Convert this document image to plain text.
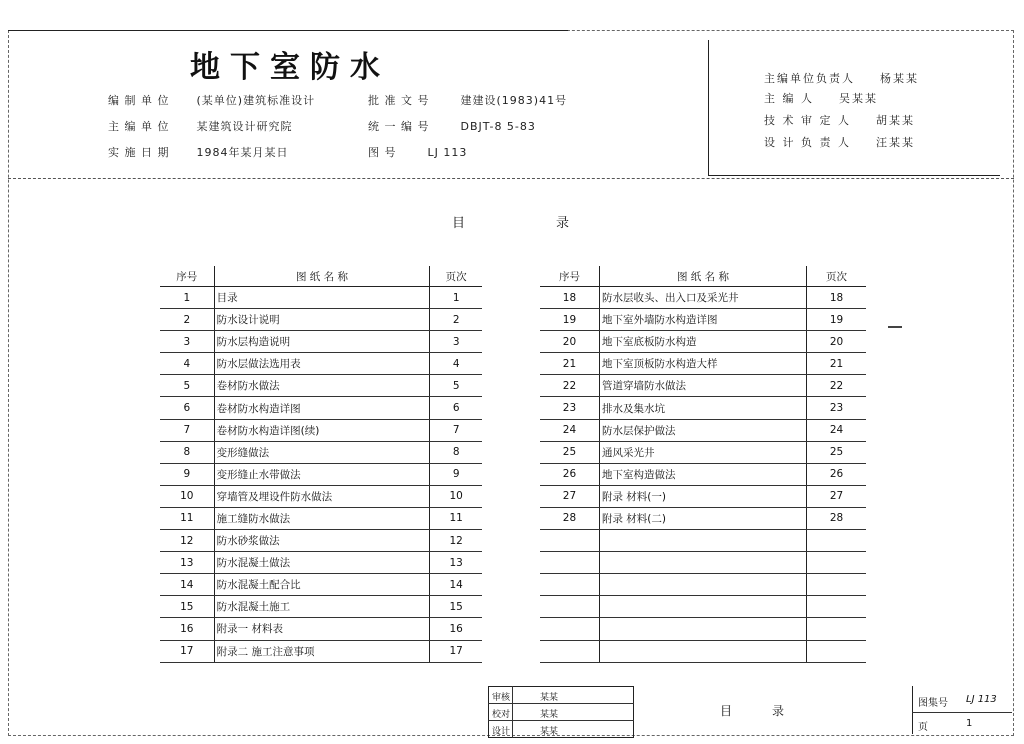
地下室防水
编 制 单 位 (某单位)建筑标准设计
主 编 单 位 某建筑设计研究院
实 施 日 期 1984年某月某日
批 准 文 号	建建设(1983)41号
统 一 编 号	DBJT-8 5-83
图 号	LJ 113
主编单位负责人 杨某某
主 编 人 吴某某
技 术 审 定 人 胡某某
设 计 负 责 人 汪某某
目	录
序号	图 纸 名 称	页次
1	目录	1
2	防水设计说明	2
3	防水层构造说明	3
4	防水层做法选用表	4
5	卷材防水做法	5
6	卷材防水构造详图	6
7	卷材防水构造详图(续)	7
8	变形缝做法	8
9	变形缝止水带做法	9
10	穿墙管及埋设件防水做法	10
11	施工缝防水做法	11
12	防水砂浆做法	12
13	防水混凝土做法	13
14	防水混凝土配合比	14
15	防水混凝土施工	15
16	附录一 材料表	16
17	附录二 施工注意事项	17
序号	图 纸 名 称	页次
18	防水层收头、出入口及采光井	18
19	地下室外墙防水构造详图	19
20	地下室底板防水构造	20
21	地下室顶板防水构造大样	21
22	管道穿墙防水做法	22
23	排水及集水坑	23
24	防水层保护做法	24
25	通风采光井	25
26	地下室构造做法	26
27	附录 材料(一)	27
28	附录 材料(二)	28

审核	某某
校对	某某
设计	某某
目录
图集号 LJ 113
页	1
